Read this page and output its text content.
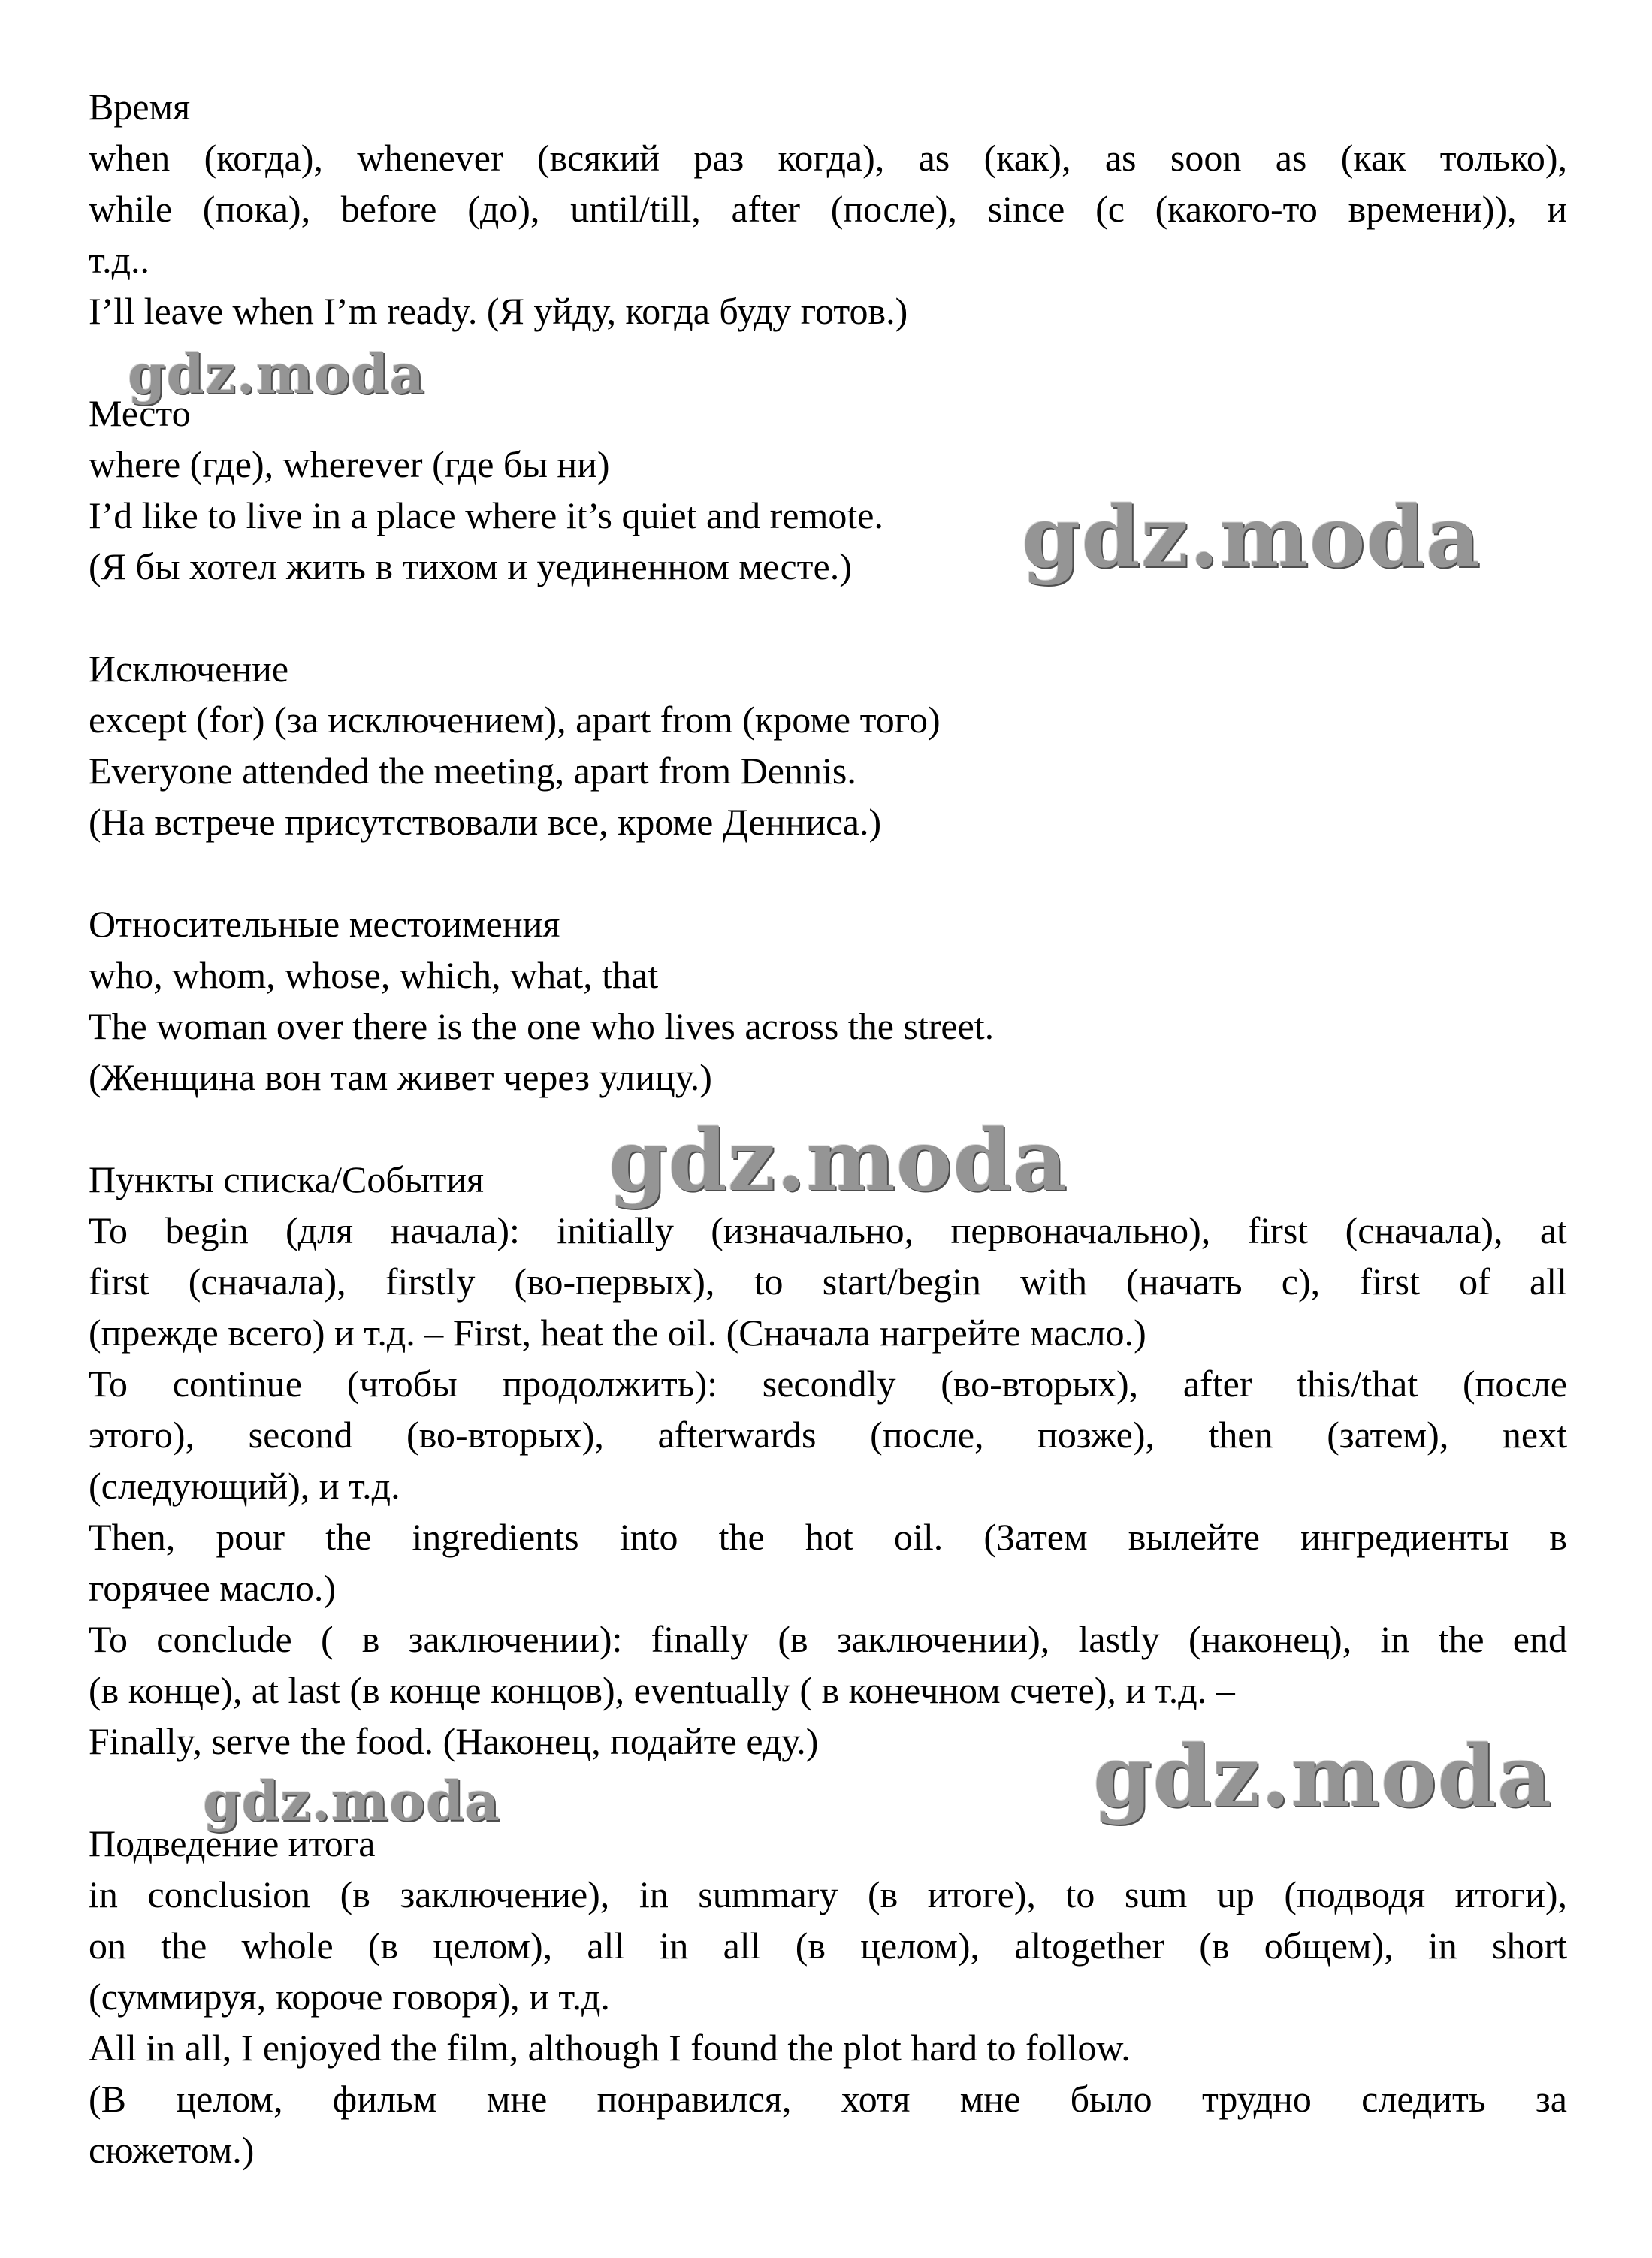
Время
when (когда), whenever (всякий раз когда), as (как), as soon as (как только),
while (пока), before (до), until/till, after (после), since (с (какого-то времени)), и
т.д..
I’ll leave when I’m ready. (Я уйду, когда буду готов.)
Место
where (где), wherever (где бы ни)
I’d like to live in a place where it’s quiet and remote.
(Я бы хотел жить в тихом и уединенном месте.)
Исключение
except (for) (за исключением), apart from (кроме того)
Everyone attended the meeting, apart from Dennis.
(На встрече присутствовали все, кроме Денниса.)
Относительные местоимения
who, whom, whose, which, what, that
The woman over there is the one who lives across the street.
(Женщина вон там живет через улицу.)
Пункты списка/События
To begin (для начала): initially (изначально, первоначально), first (сначала), at
first (сначала), firstly (во-первых), to start/begin with (начать с), first of all
(прежде всего) и т.д. – First, heat the oil. (Сначала нагрейте масло.)
To continue (чтобы продолжить): secondly (во-вторых), after this/that (после
этого), second (во-вторых), afterwards (после, позже), then (затем), next
(следующий), и т.д.
Then, pour the ingredients into the hot oil. (Затем вылейте ингредиенты в
горячее масло.)
To conclude ( в заключении): finally (в заключении), lastly (наконец), in the end
(в конце), at last (в конце концов), eventually ( в конечном счете), и т.д. –
Finally, serve the food. (Наконец, подайте еду.)
Подведение итога
in conclusion (в заключение), in summary (в итоге), to sum up (подводя итоги),
on the whole (в целом), all in all (в целом), altogether (в общем), in short
(суммируя, короче говоря), и т.д.
All in all, I enjoyed the film, although I found the plot hard to follow.
(В целом, фильм мне понравился, хотя мне было трудно следить за
сюжетом.)
gdz.moda
gdz.moda
gdz.moda
gdz.moda
gdz.moda
